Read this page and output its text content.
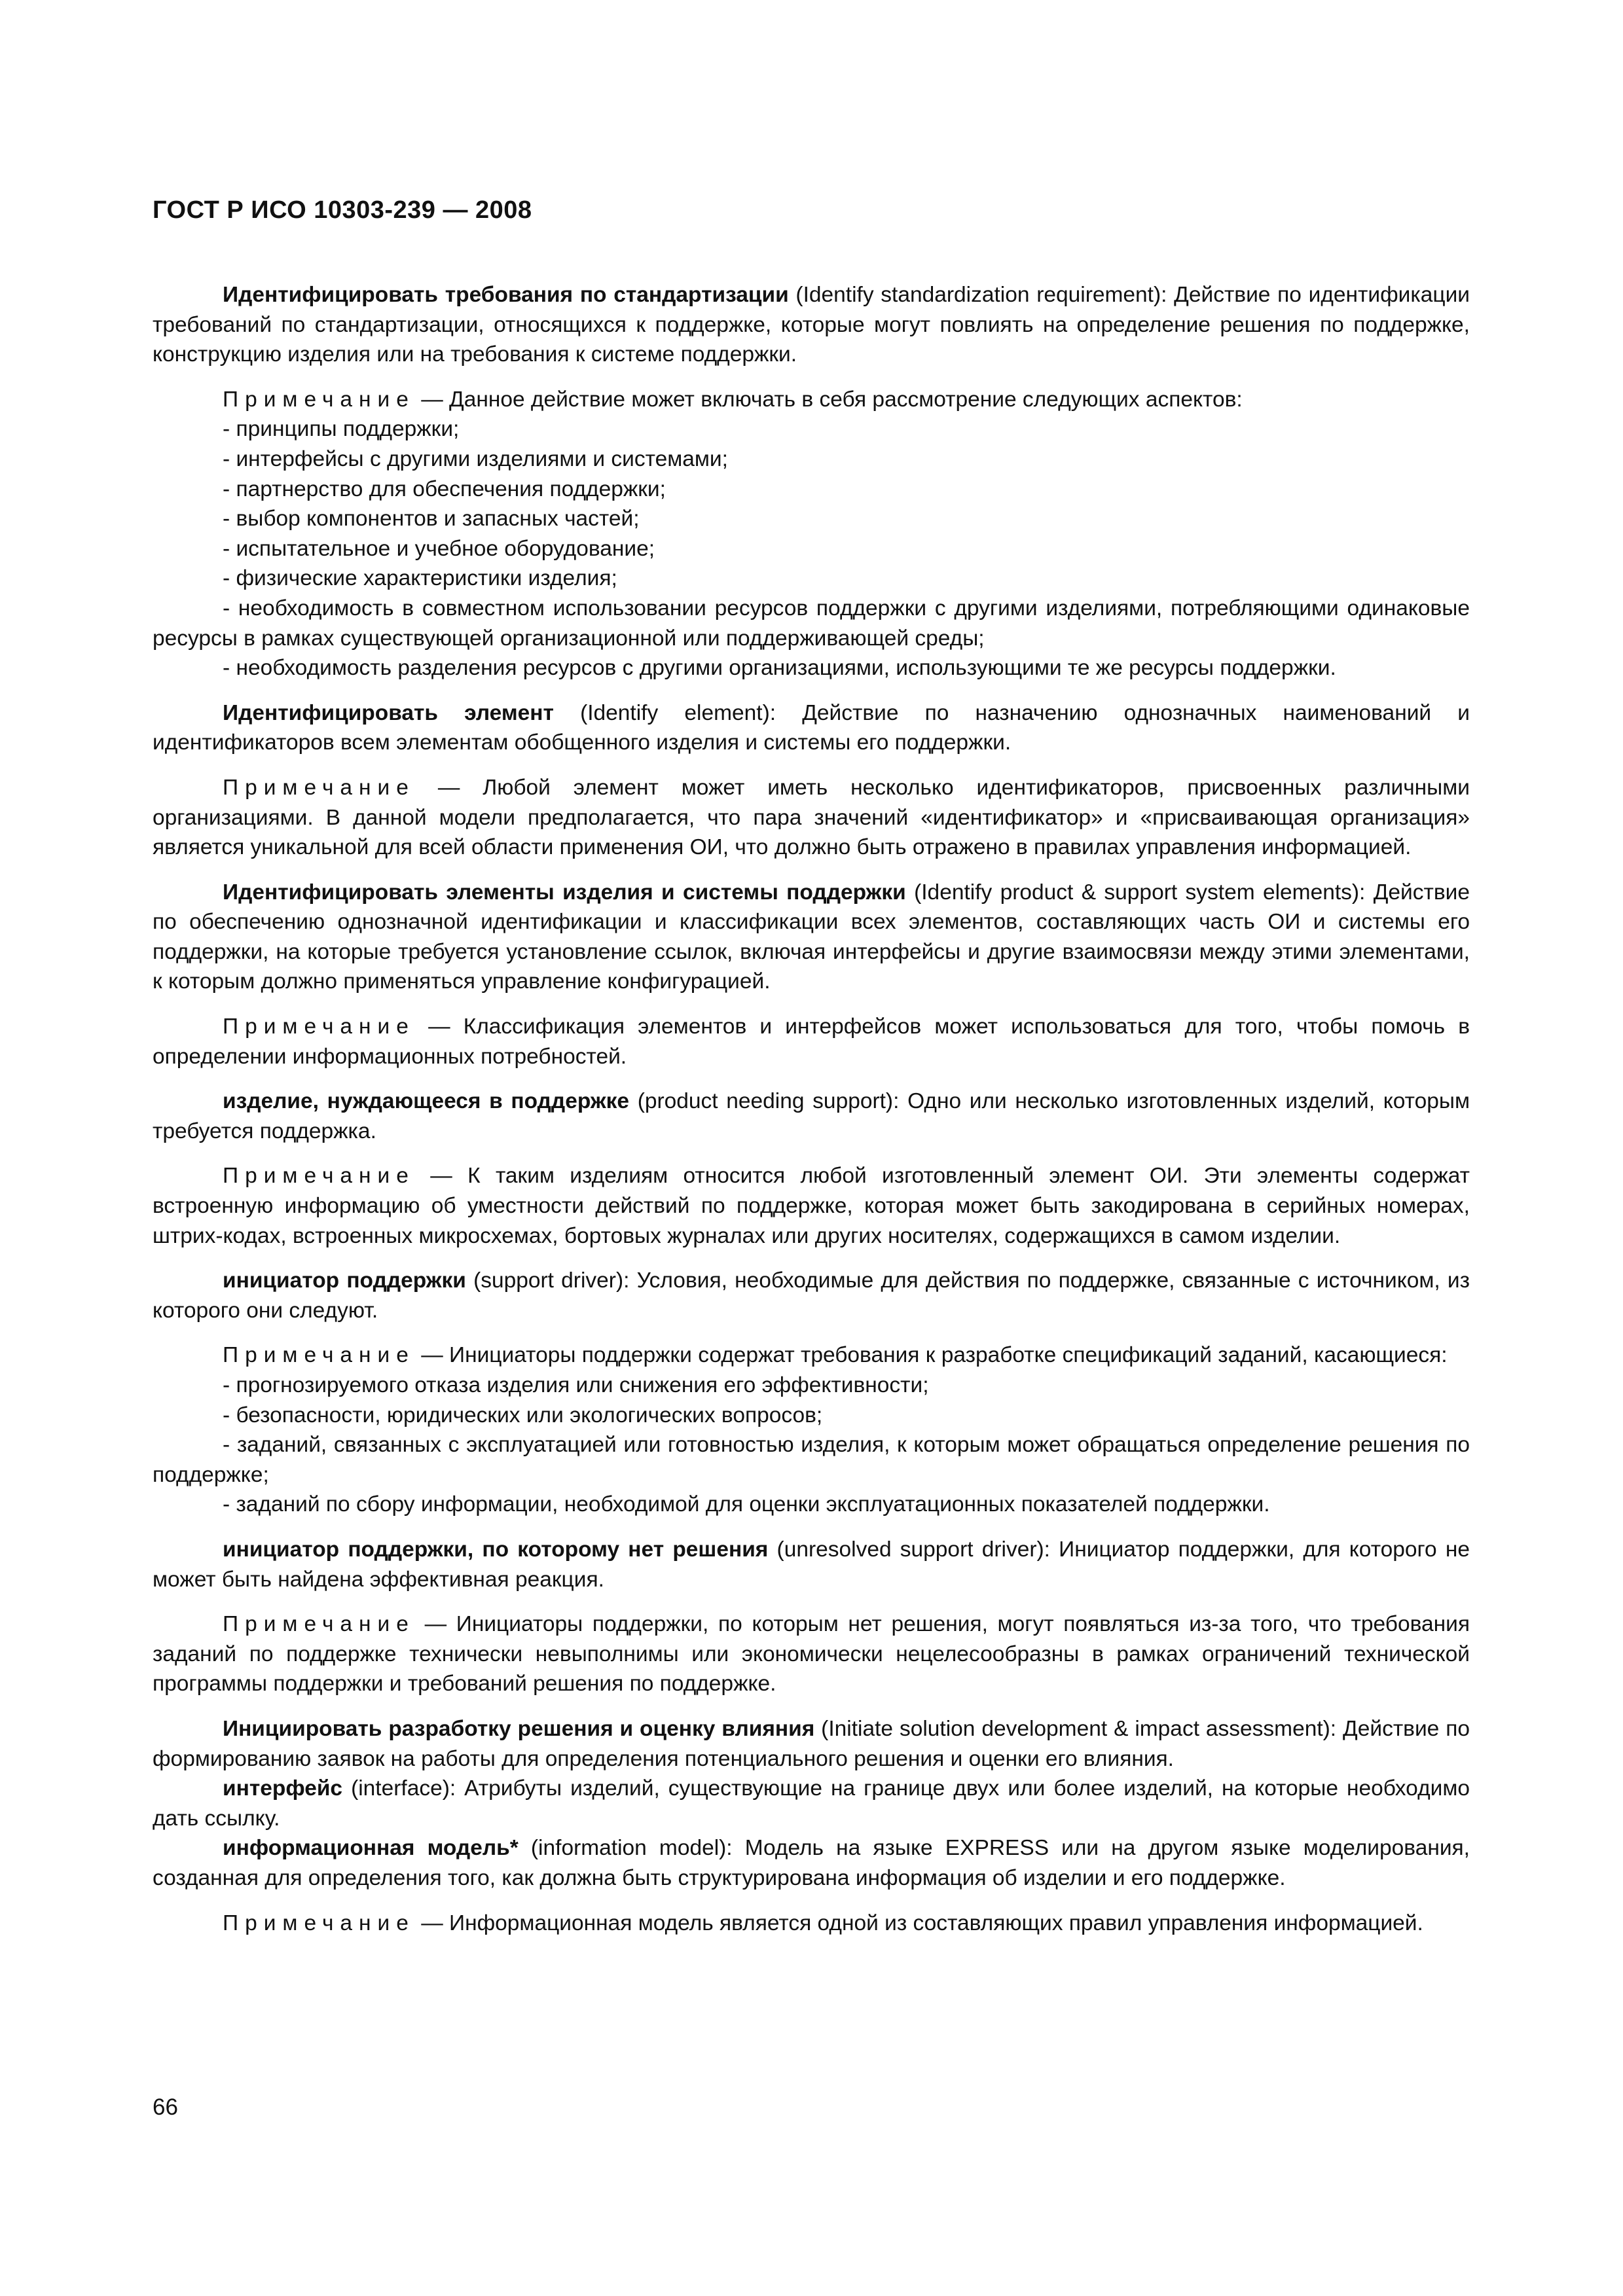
ГОСТ Р ИСО 10303-239 — 2008

Идентифицировать требования по стандартизации (Identify standardization requirement): Действие по идентификации требований по стандартизации, относящихся к поддержке, которые могут повлиять на определение решения по поддержке, конструкцию изделия или на требования к системе поддержки.

Примечание — Данное действие может включать в себя рассмотрение следующих аспектов:

- принципы поддержки;

- интерфейсы с другими изделиями и системами;

- партнерство для обеспечения поддержки;

- выбор компонентов и запасных частей;

- испытательное и учебное оборудование;

- физические характеристики изделия;

- необходимость в совместном использовании ресурсов поддержки с другими изделиями, потребляющими одинаковые ресурсы в рамках существующей организационной или поддерживающей среды;

- необходимость разделения ресурсов с другими организациями, использующими те же ресурсы поддержки.

Идентифицировать элемент (Identify element): Действие по назначению однозначных наименований и идентификаторов всем элементам обобщенного изделия и системы его поддержки.

Примечание — Любой элемент может иметь несколько идентификаторов, присвоенных различными организациями. В данной модели предполагается, что пара значений «идентификатор» и «присваивающая организация» является уникальной для всей области применения ОИ, что должно быть отражено в правилах управления информацией.

Идентифицировать элементы изделия и системы поддержки (Identify product & support system elements): Действие по обеспечению однозначной идентификации и классификации всех элементов, составляющих часть ОИ и системы его поддержки, на которые требуется установление ссылок, включая интерфейсы и другие взаимосвязи между этими элементами, к которым должно применяться управление конфигурацией.

Примечание — Классификация элементов и интерфейсов может использоваться для того, чтобы помочь в определении информационных потребностей.

изделие, нуждающееся в поддержке (product needing support): Одно или несколько изготовленных изделий, которым требуется поддержка.

Примечание — К таким изделиям относится любой изготовленный элемент ОИ. Эти элементы содержат встроенную информацию об уместности действий по поддержке, которая может быть закодирована в серийных номерах, штрих-кодах, встроенных микросхемах, бортовых журналах или других носителях, содержащихся в самом изделии.

инициатор поддержки (support driver): Условия, необходимые для действия по поддержке, связанные с источником, из которого они следуют.

Примечание — Инициаторы поддержки содержат требования к разработке спецификаций заданий, касающиеся:

- прогнозируемого отказа изделия или снижения его эффективности;

- безопасности, юридических или экологических вопросов;

- заданий, связанных с эксплуатацией или готовностью изделия, к которым может обращаться определение решения по поддержке;

- заданий по сбору информации, необходимой для оценки эксплуатационных показателей поддержки.

инициатор поддержки, по которому нет решения (unresolved support driver): Инициатор поддержки, для которого не может быть найдена эффективная реакция.

Примечание — Инициаторы поддержки, по которым нет решения, могут появляться из-за того, что требования заданий по поддержке технически невыполнимы или экономически нецелесообразны в рамках ограничений технической программы поддержки и требований решения по поддержке.

Инициировать разработку решения и оценку влияния (Initiate solution development & impact assessment): Действие по формированию заявок на работы для определения потенциального решения и оценки его влияния.

интерфейс (interface): Атрибуты изделий, существующие на границе двух или более изделий, на которые необходимо дать ссылку.

информационная модель* (information model): Модель на языке EXPRESS или на другом языке моделирования, созданная для определения того, как должна быть структурирована информация об изделии и его поддержке.

Примечание — Информационная модель является одной из составляющих правил управления информацией.

66
